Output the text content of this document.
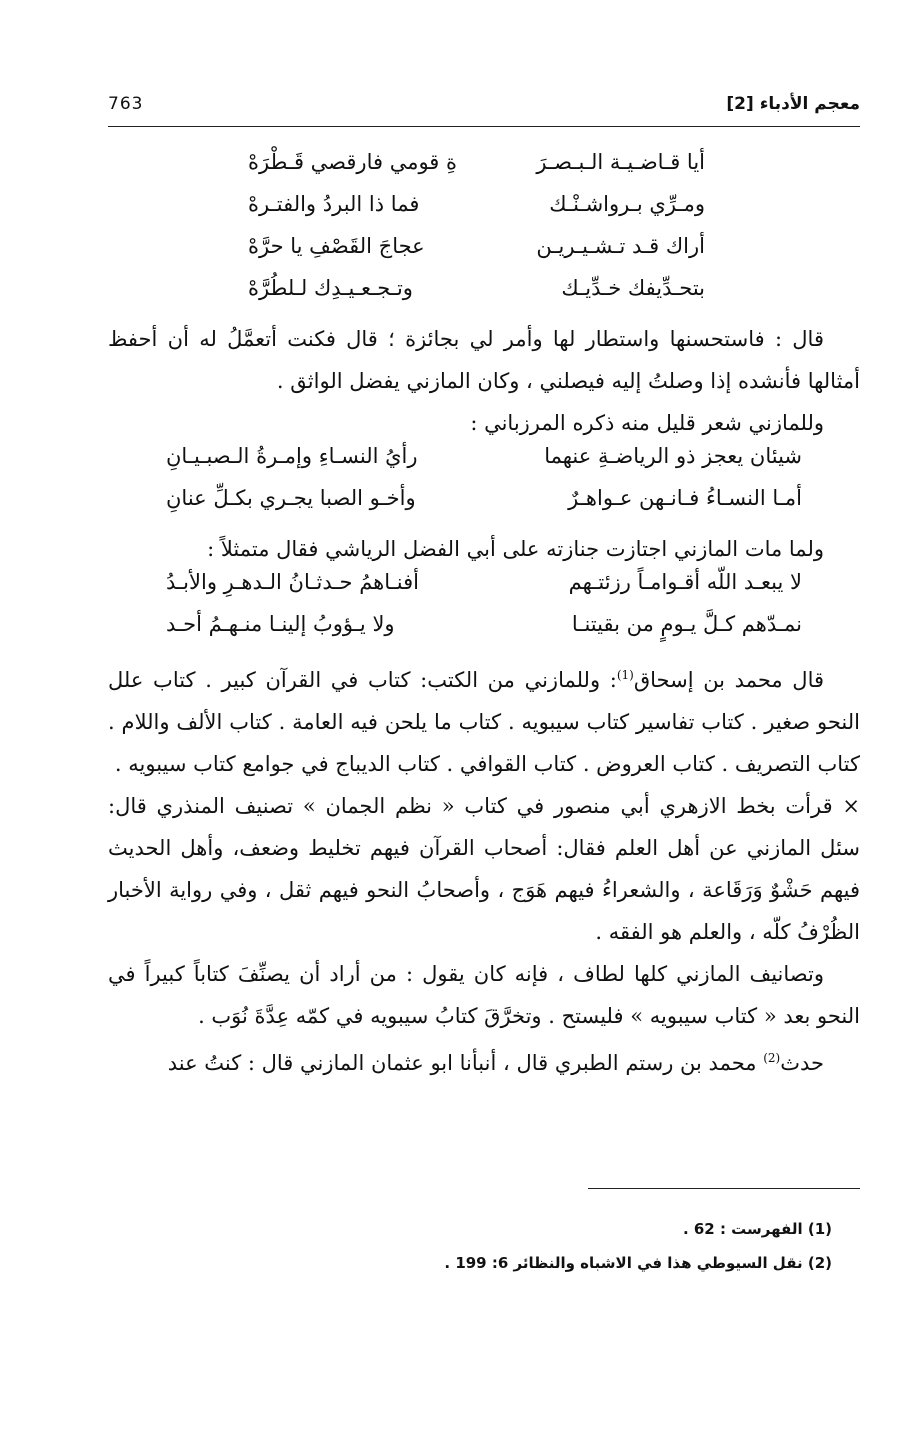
معجم الأدباء [2]
763
أيا قـاضـيـة الـبـصـرَ
ةِ قومي فارقصي قَـطْرَهْ
ومـرِّي بـرواشـنْـك
فما ذا البردُ والفتـرهْ
أراك قـد تـشـيـريـن
عجاجَ القَصْفِ يا حرَّهْ
بتحـدِّيفك خـدِّيـك
وتـجـعـيـدِك لـلطُرَّهْ

قال : فاستحسنها واستطار لها وأمر لي بجائزة ؛ قال فكنت أتعمَّلُ له أن أحفظ أمثالها فأنشده إذا وصلتُ إليه فيصلني ، وكان المازني يفضل الواثق .

وللمازني شعر قليل منه ذكره المرزباني :

شيئان يعجز ذو الرياضـةِ عنهما
رأيُ النسـاءِ وإمـرةُ الـصبـيـانِ
أمـا النسـاءُ فـانـهن عـواهـرٌ
وأخـو الصبا يجـري بكـلِّ عنانِ

ولما مات المازني اجتازت جنازته على أبي الفضل الرياشي فقال متمثلاً :

لا يبعـد اللّه أقـوامـاً رزئتـهم
أفنـاهمُ حـدثـانُ الـدهـرِ والأبـدُ
نمـدّهم كـلَّ يـومٍ من بقيتنـا
ولا يـؤوبُ إلينـا منـهـمُ أحـد

قال محمد بن إسحاق$^{(1)}$: وللمازني من الكتب: كتاب في القرآن كبير . كتاب علل النحو صغير . كتاب تفاسير كتاب سيبويه . كتاب ما يلحن فيه العامة . كتاب الألف واللام . كتاب التصريف . كتاب العروض . كتاب القوافي . كتاب الديباج في جوامع كتاب سيبويه .

× قرأت بخط الازهري أبي منصور في كتاب « نظم الجمان » تصنيف المنذري قال: سئل المازني عن أهل العلم فقال: أصحاب القرآن فيهم تخليط وضعف، وأهل الحديث فيهم حَشْوٌ وَرَقَاعة ، والشعراءُ فيهم هَوَج ، وأصحابُ النحو فيهم ثقل ، وفي رواية الأخبار الظُرْفُ كلّه ، والعلم هو الفقه .

وتصانيف المازني كلها لطاف ، فإنه كان يقول : من أراد أن يصنِّفَ كتاباً كبيراً في النحو بعد « كتاب سيبويه » فليستح . وتخرَّقَ كتابُ سيبويه في كمّه عِدَّةَ نُوَب .

حدث$^{(2)}$ محمد بن رستم الطبري قال ، أنبأنا ابو عثمان المازني قال : كنتُ عند

(1) الفهرست : 62 .
(2) نقل السيوطي هذا في الاشباه والنظائر 6: 199 .
